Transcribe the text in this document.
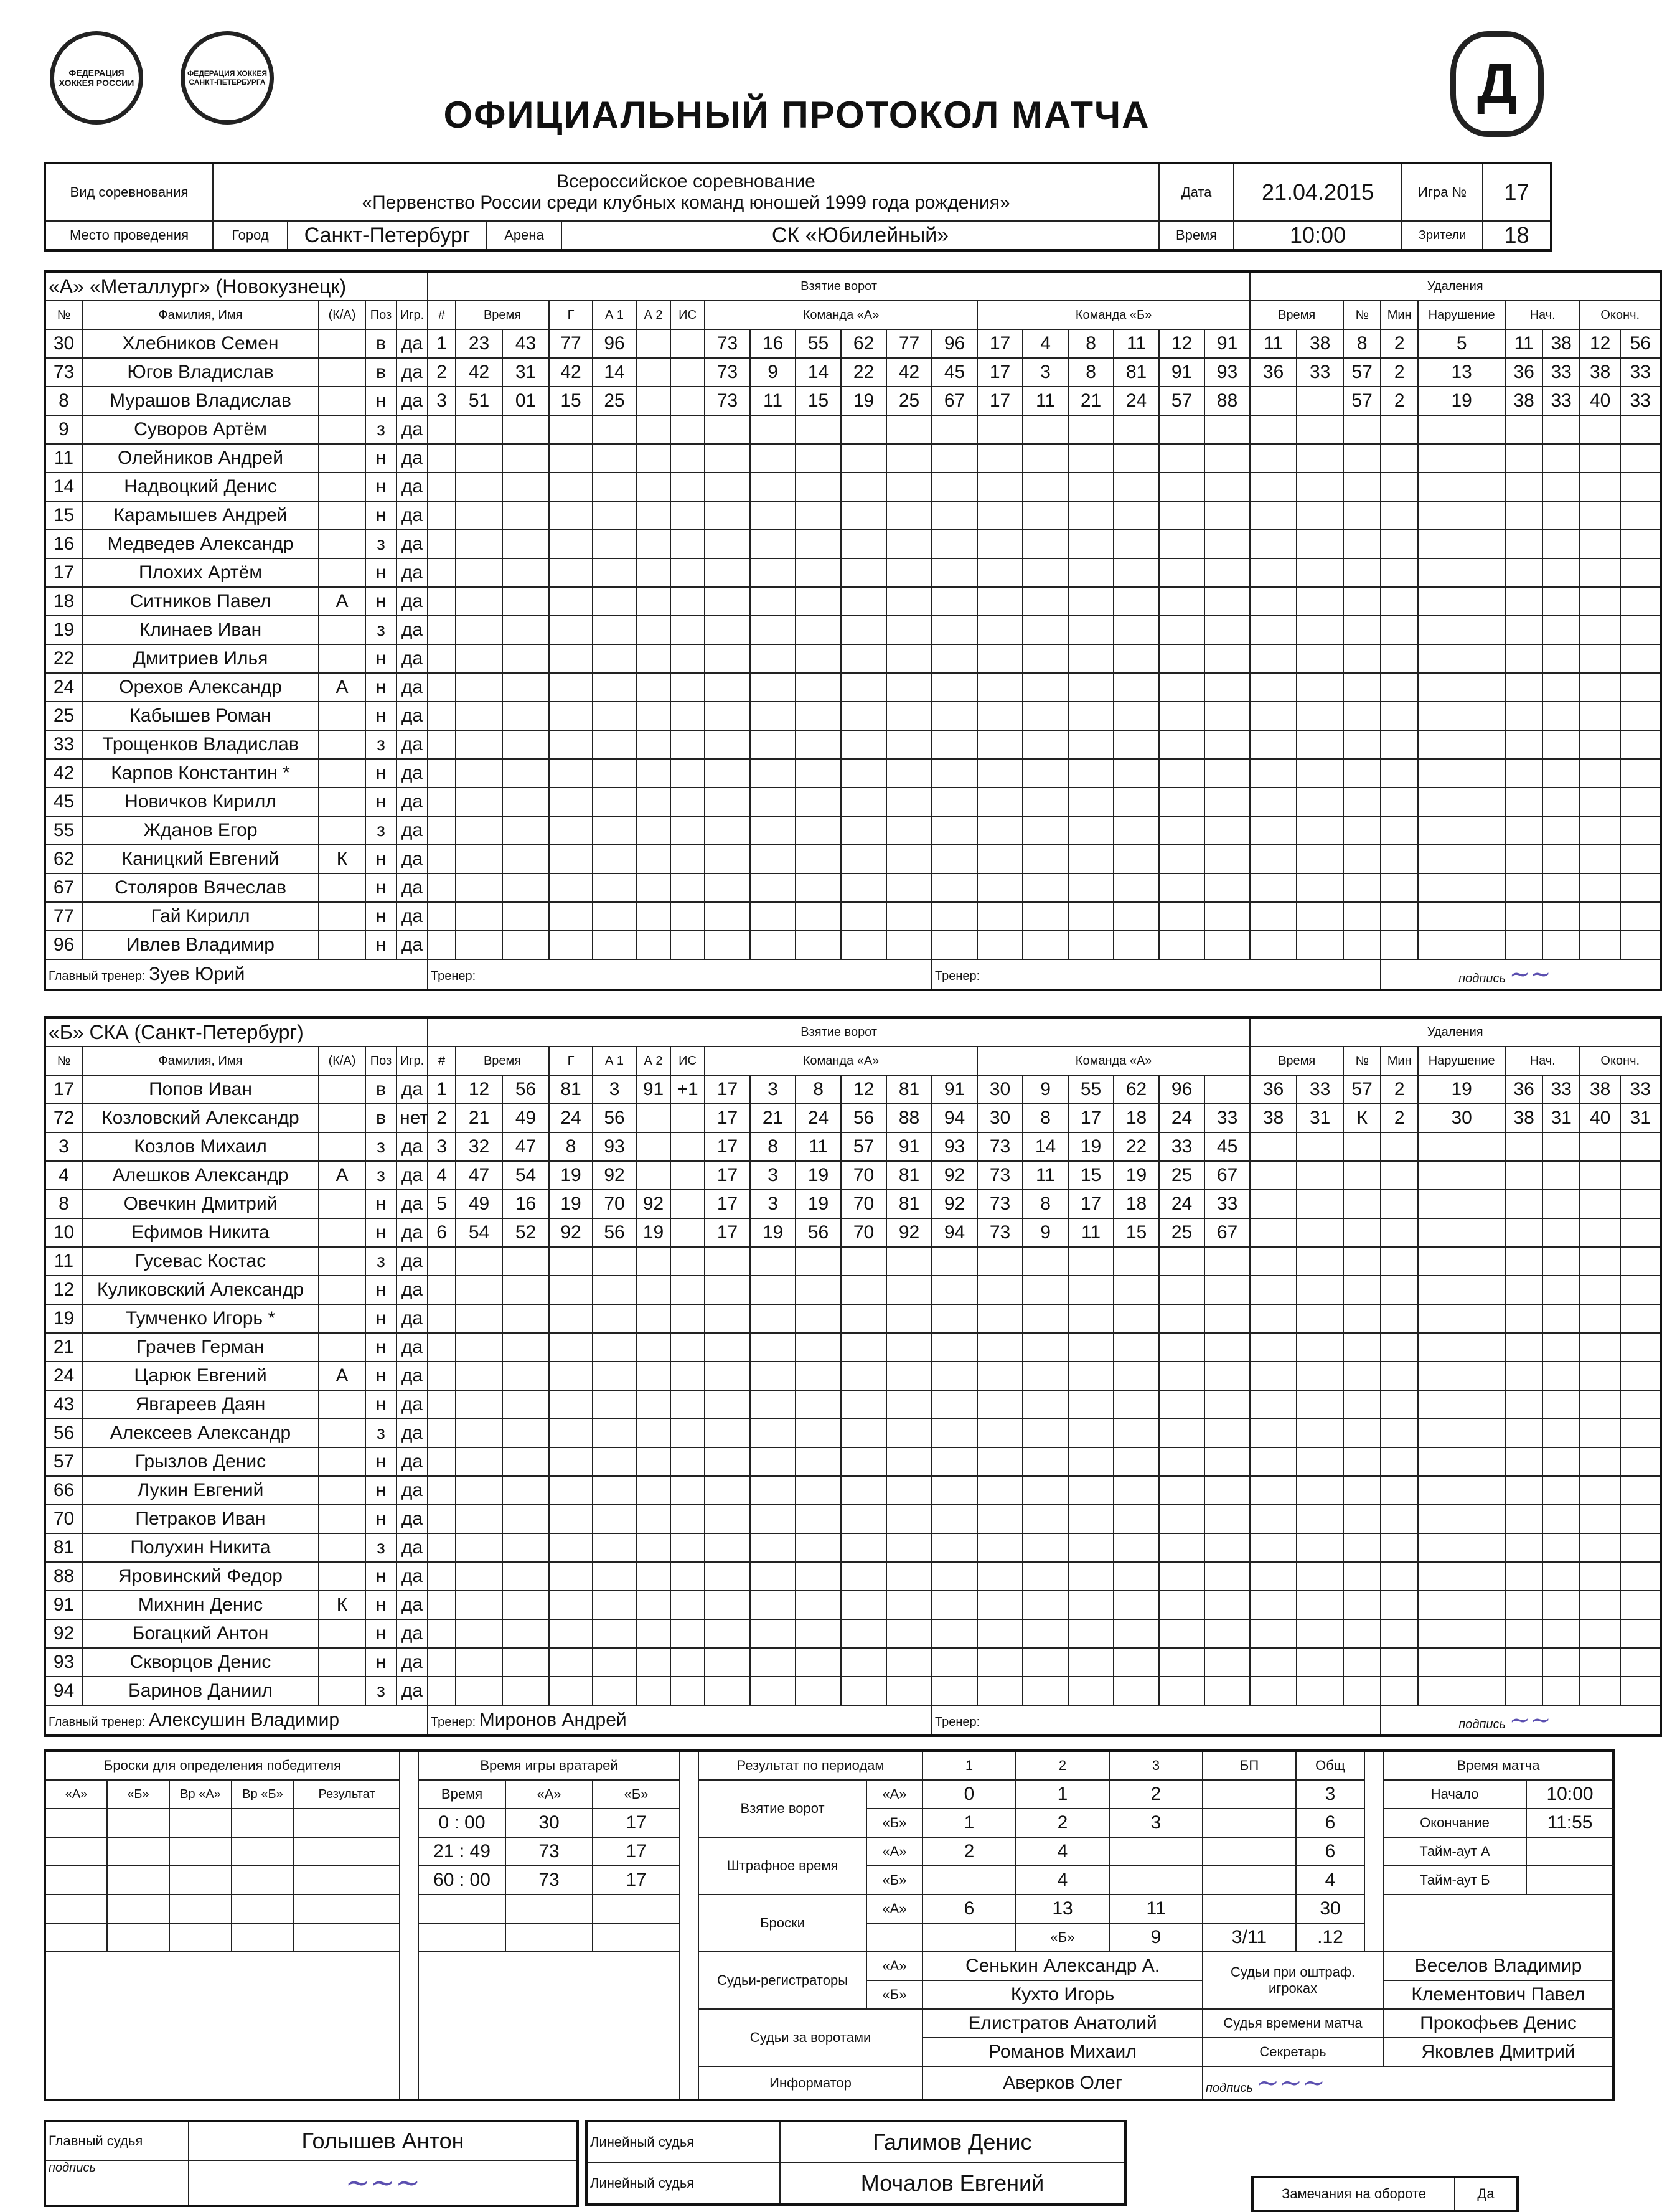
ФЕДЕРАЦИЯ ХОККЕЯ РОССИИ
ФЕДЕРАЦИЯ ХОККЕЯ САНКТ-ПЕТЕРБУРГА	Д
ОФИЦИАЛЬНЫЙ ПРОТОКОЛ МАТЧА
Вид соревнования	Всероссийское соревнование
«Первенство России среди клубных команд юношей 1999 года рождения»				Дата	21.04.2015	Игра №	17
Место проведения	Город	Санкт-Петербург	Арена	СК «Юбилейный»	Время	10:00	Зрители	18
«А» «Металлург» (Новокузнецк)					Взятие ворот																			Удаления								
№	Фамилия, Имя	(К/А)	Поз	Игр.	#	Время		Г	А 1	А 2	ИС	Команда «А»						Команда «Б»						Время		№	Мин	Нарушение	Нач.		Оконч.	
30	Хлебников Семен		в	да	1	23	43	77	96			73	16	55	62	77	96	17	4	8	11	12	91	11	38	8	2	5	11	38	12	56
73	Югов Владислав		в	да	2	42	31	42	14			73	9	14	22	42	45	17	3	8	81	91	93	36	33	57	2	13	36	33	38	33
8	Мурашов Владислав		н	да	3	51	01	15	25			73	11	15	19	25	67	17	11	21	24	57	88			57	2	19	38	33	40	33
9	Суворов Артём		з	да																												
11	Олейников Андрей		н	да																												
14	Надвоцкий Денис		н	да																												
15	Карамышев Андрей		н	да																												
16	Медведев Александр		з	да																												
17	Плохих Артём		н	да																												
18	Ситников Павел	А	н	да																												
19	Клинаев Иван		з	да																												
22	Дмитриев Илья		н	да																												
24	Орехов Александр	А	н	да																												
25	Кабышев Роман		н	да																												
33	Трощенков Владислав		з	да																												
42	Карпов Константин *		н	да																												
45	Новичков Кирилл		н	да																												
55	Жданов Егор		з	да																												
62	Каницкий Евгений	К	н	да																												
67	Столяров Вячеслав		н	да																												
77	Гай Кирилл		н	да																												
96	Ивлев Владимир		н	да																												
Главный тренер: Зуев Юрий					Тренер:												Тренер:										подпись ~~					
«Б» СКА (Санкт-Петербург)					Взятие ворот																			Удаления								
№	Фамилия, Имя	(К/А)	Поз	Игр.	#	Время		Г	А 1	А 2	ИС	Команда «А»						Команда «А»						Время		№	Мин	Нарушение	Нач.		Оконч.	
17	Попов Иван		в	да	1	12	56	81	3	91	+1	17	3	8	12	81	91	30	9	55	62	96		36	33	57	2	19	36	33	38	33
72	Козловский Александр		в	нет	2	21	49	24	56			17	21	24	56	88	94	30	8	17	18	24	33	38	31	К	2	30	38	31	40	31
3	Козлов Михаил		з	да	3	32	47	8	93			17	8	11	57	91	93	73	14	19	22	33	45									
4	Алешков Александр	А	з	да	4	47	54	19	92			17	3	19	70	81	92	73	11	15	19	25	67									
8	Овечкин Дмитрий		н	да	5	49	16	19	70	92		17	3	19	70	81	92	73	8	17	18	24	33									
10	Ефимов Никита		н	да	6	54	52	92	56	19		17	19	56	70	92	94	73	9	11	15	25	67									
11	Гусевас Костас		з	да																												
12	Куликовский Александр		н	да																												
19	Тумченко Игорь *		н	да																												
21	Грачев Герман		н	да																												
24	Царюк Евгений	А	н	да																												
43	Явгареев Даян		н	да																												
56	Алексеев Александр		з	да																												
57	Грызлов Денис		н	да																												
66	Лукин Евгений		н	да																												
70	Петраков Иван		н	да																												
81	Полухин Никита		з	да																												
88	Яровинский Федор		н	да																												
91	Михнин Денис	К	н	да																												
92	Богацкий Антон		н	да																												
93	Скворцов Денис		н	да																												
94	Баринов Даниил		з	да																												
Главный тренер: Алексушин Владимир					Тренер: Миронов Андрей												Тренер:										подпись ~~					
Броски для определения победителя						Время игры вратарей				Результат по периодам		1	2	3	БП	Общ		Время матча		
«А»	«Б»	Вр «А»	Вр «Б»	Результат		Время	«А»	«Б»		Взятие ворот	«А»	0	1	2		3		Начало	10:00	
						0 : 00	30	17			«Б»	1	2	3		6		Окончание	11:55	
						21 : 49	73	17		Штрафное время	«А»	2	4			6		Тайм-аут А		
						60 : 00	73	17			«Б»		4			4		Тайм-аут Б		
										Броски	«А»	6	13	11		30				
													«Б»	9	3/11	.12			
										Судьи-регистраторы	«А»	Сенькин Александр А.			Судьи при оштраф. игроках			Веселов Владимир		
											«Б»	Кухто Игорь						Клементович Павел		
										Судьи за воротами		Елистратов Анатолий			Судья времени матча			Прокофьев Денис		
												Романов Михаил			Секретарь			Яковлев Дмитрий		
										Информатор		Аверков Олег			подпись ~~~					
Главный судья	Голышев Антон
подпись	~~~
Линейный судья	Галимов Денис
Линейный судья	Мочалов Евгений	Замечания на обороте	Да
